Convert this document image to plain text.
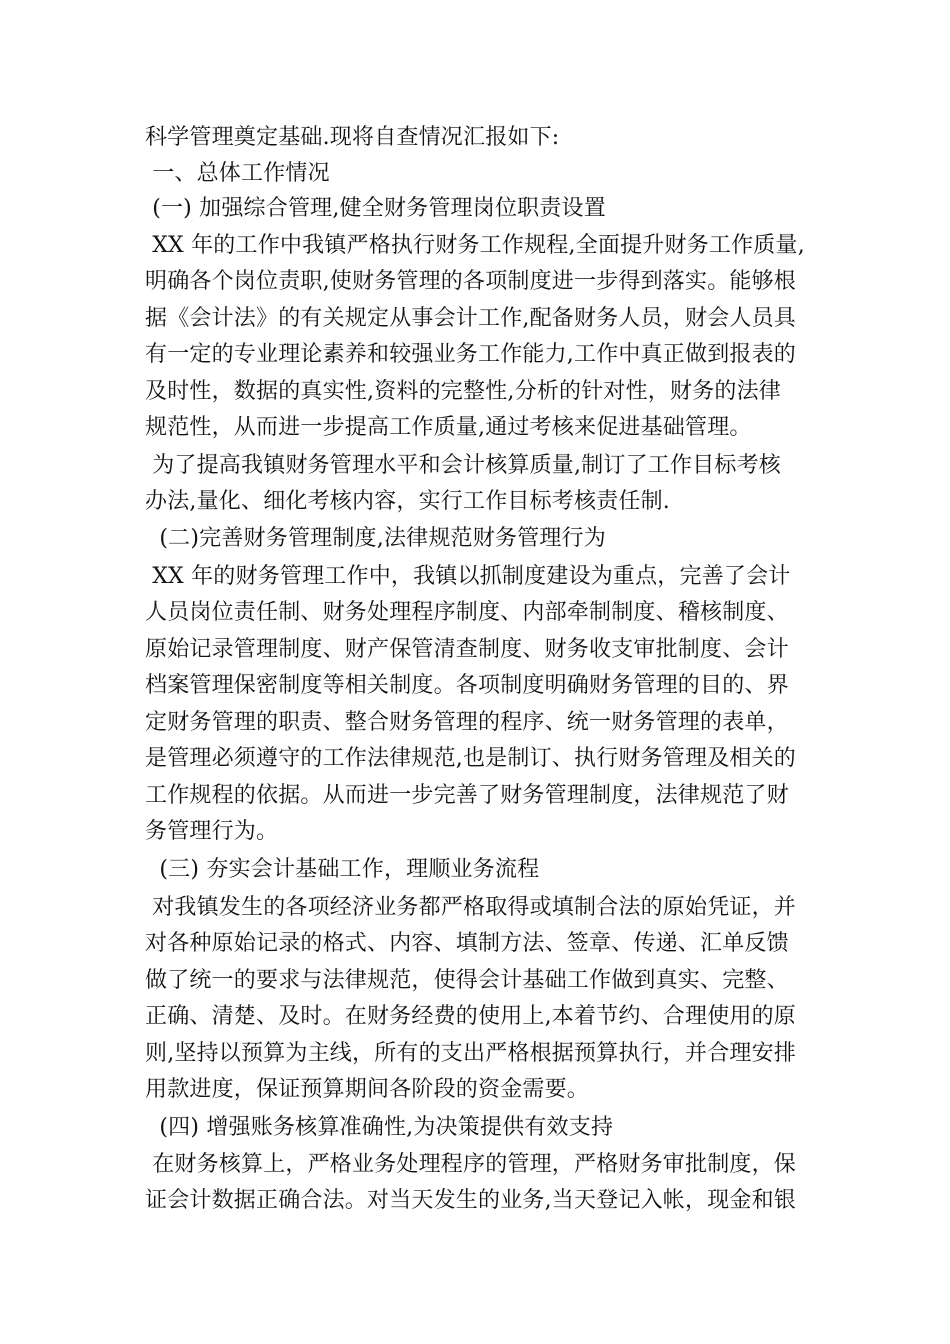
科学管理奠定基础.现将自查情况汇报如下:
一、总体工作情况
(一) 加强综合管理,健全财务管理岗位职责设置
XX 年的工作中我镇严格执行财务工作规程,全面提升财务工作质量,
明确各个岗位责职,使财务管理的各项制度进一步得到落实。能够根
据《会计法》的有关规定从事会计工作,配备财务人员，财会人员具
有一定的专业理论素养和较强业务工作能力,工作中真正做到报表的
及时性，数据的真实性,资料的完整性,分析的针对性，财务的法律
规范性，从而进一步提高工作质量,通过考核来促进基础管理。
为了提高我镇财务管理水平和会计核算质量,制订了工作目标考核
办法,量化、细化考核内容，实行工作目标考核责任制.
(二)完善财务管理制度,法律规范财务管理行为
XX 年的财务管理工作中，我镇以抓制度建设为重点，完善了会计
人员岗位责任制、财务处理程序制度、内部牵制制度、稽核制度、
原始记录管理制度、财产保管清查制度、财务收支审批制度、会计
档案管理保密制度等相关制度。各项制度明确财务管理的目的、界
定财务管理的职责、整合财务管理的程序、统一财务管理的表单，
是管理必须遵守的工作法律规范,也是制订、执行财务管理及相关的
工作规程的依据。从而进一步完善了财务管理制度，法律规范了财
务管理行为。
(三) 夯实会计基础工作，理顺业务流程
对我镇发生的各项经济业务都严格取得或填制合法的原始凭证，并
对各种原始记录的格式、内容、填制方法、签章、传递、汇单反馈
做了统一的要求与法律规范，使得会计基础工作做到真实、完整、
正确、清楚、及时。在财务经费的使用上,本着节约、合理使用的原
则,坚持以预算为主线，所有的支出严格根据预算执行，并合理安排
用款进度，保证预算期间各阶段的资金需要。
(四) 增强账务核算准确性,为决策提供有效支持
在财务核算上，严格业务处理程序的管理，严格财务审批制度，保
证会计数据正确合法。对当天发生的业务,当天登记入帐，现金和银
